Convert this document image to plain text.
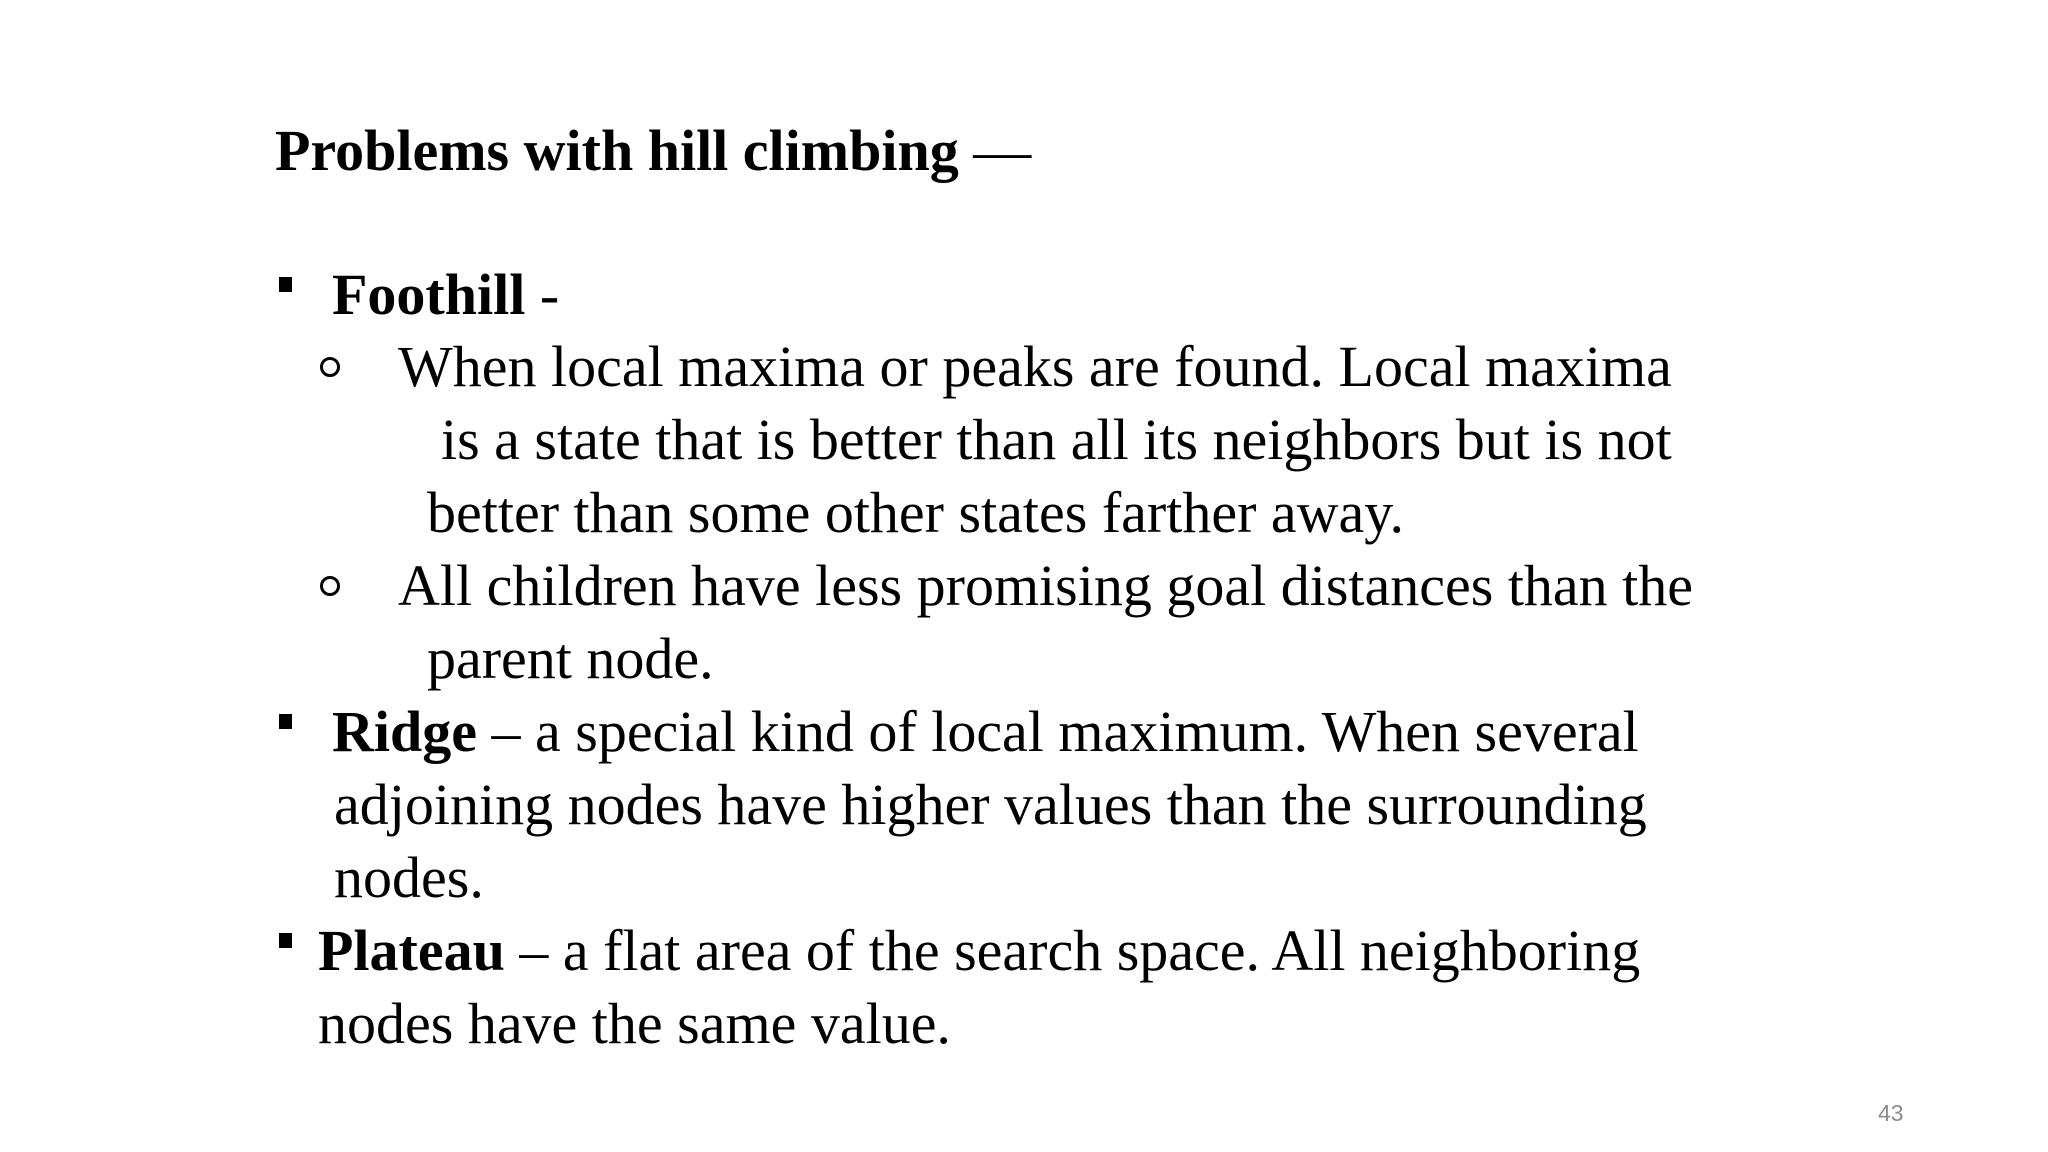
Problems with hill climbing —
Foothill -
When local maxima or peaks are found. Local maxima
is a state that is better than all its neighbors but is not
better than some other states farther away.
All children have less promising goal distances than the
parent node.
Ridge – a special kind of local maximum. When several
adjoining nodes have higher values than the surrounding
nodes.
Plateau – a flat area of the search space. All neighboring
nodes have the same value.
43
